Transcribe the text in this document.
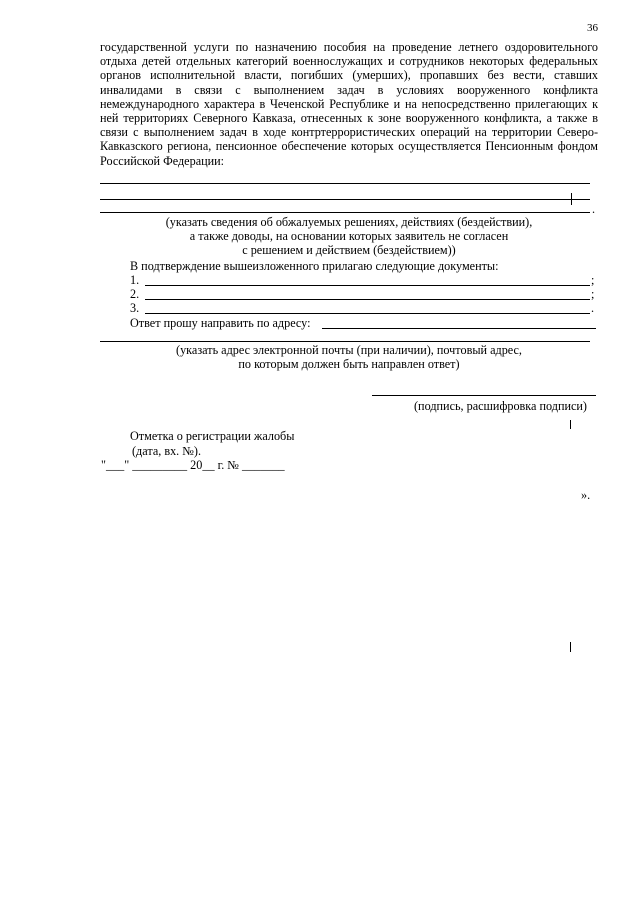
36

государственной услуги по назначению пособия на проведение летнего оздоровительного отдыха детей отдельных категорий военнослужащих и сотрудников некоторых федеральных органов исполнительной власти, погибших (умерших), пропавших без вести, ставших инвалидами в связи с выполнением задач в условиях вооруженного конфликта немеждународного характера в Чеченской Республике и на непосредственно прилегающих к ней территориях Северного Кавказа, отнесенных к зоне вооруженного конфликта, а также в связи с выполнением задач в ходе контртеррористических операций на территории Северо-Кавказского региона, пенсионное обеспечение которых осуществляется Пенсионным фондом Российской Федерации:

.
(указать сведения об обжалуемых решениях, действиях (бездействии),
а также доводы, на основании которых заявитель не согласен
с решением и действием (бездействием))
В подтверждение вышеизложенного прилагаю следующие документы:
1.	;
2.	;
3.	.
Ответ прошу направить по адресу:
(указать адрес электронной почты (при наличии), почтовый адрес,
по которым должен быть направлен ответ)
(подпись, расшифровка подписи)
Отметка о регистрации жалобы
(дата, вх. №).
"___" _________ 20__ г. № _______
».
